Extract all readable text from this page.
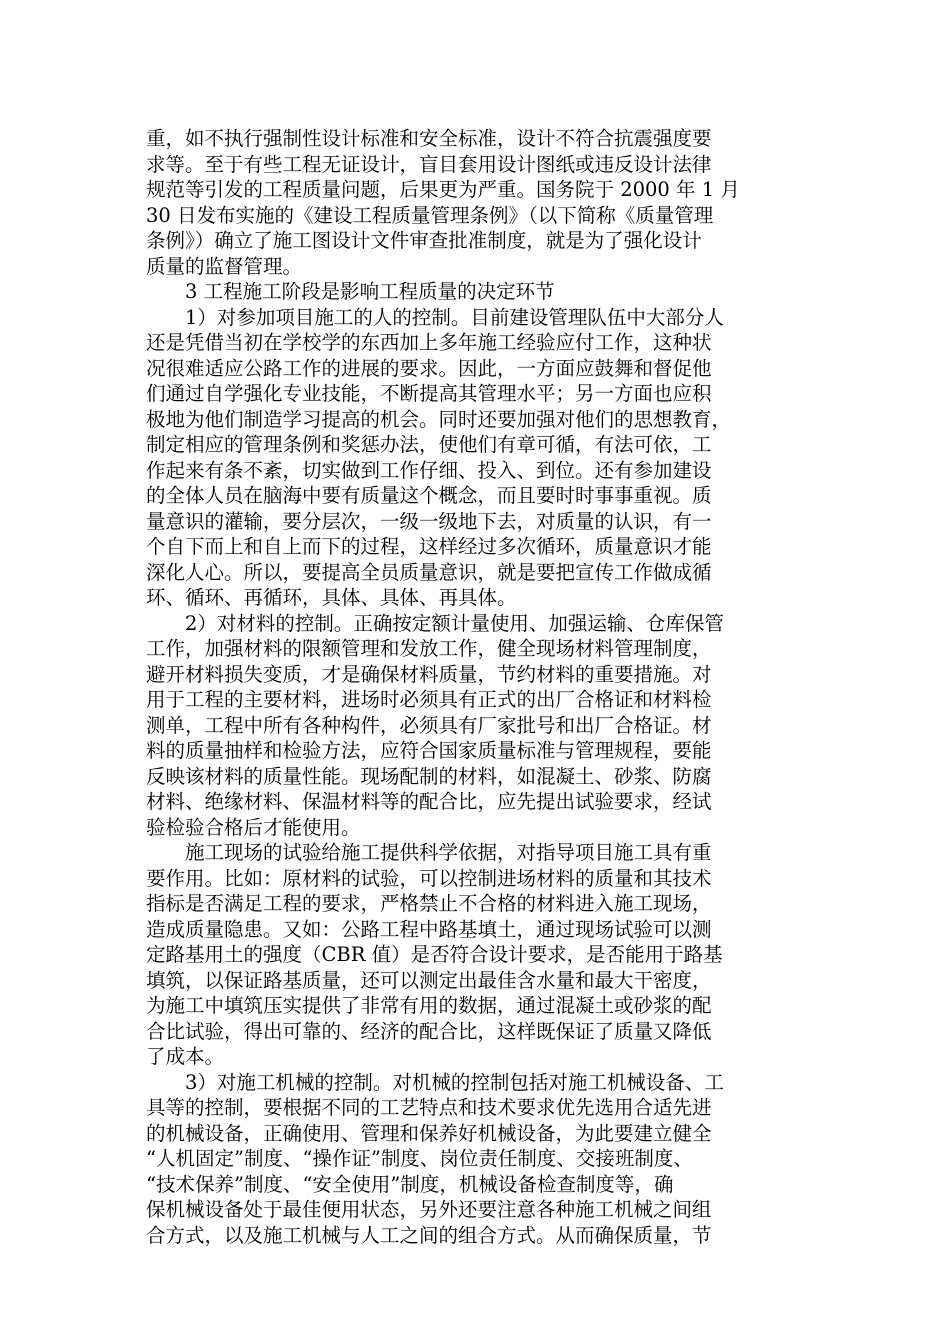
重，如不执行强制性设计标准和安全标准，设计不符合抗震强度要
求等。至于有些工程无证设计，盲目套用设计图纸或违反设计法律
规范等引发的工程质量问题，后果更为严重。国务院于 2000 年 1 月
30 日发布实施的《建设工程质量管理条例》（以下简称《质量管理
条例》）确立了施工图设计文件审查批准制度，就是为了强化设计
质量的监督管理。
　　3 工程施工阶段是影响工程质量的决定环节
　　1）对参加项目施工的人的控制。目前建设管理队伍中大部分人
还是凭借当初在学校学的东西加上多年施工经验应付工作，这种状
况很难适应公路工作的进展的要求。因此，一方面应鼓舞和督促他
们通过自学强化专业技能，不断提高其管理水平；另一方面也应积
极地为他们制造学习提高的机会。同时还要加强对他们的思想教育，
制定相应的管理条例和奖惩办法，使他们有章可循，有法可依，工
作起来有条不紊，切实做到工作仔细、投入、到位。还有参加建设
的全体人员在脑海中要有质量这个概念，而且要时时事事重视。质
量意识的灌输，要分层次，一级一级地下去，对质量的认识，有一
个自下而上和自上而下的过程，这样经过多次循环，质量意识才能
深化人心。所以，要提高全员质量意识，就是要把宣传工作做成循
环、循环、再循环，具体、具体、再具体。
　　2）对材料的控制。正确按定额计量使用、加强运输、仓库保管
工作，加强材料的限额管理和发放工作，健全现场材料管理制度，
避开材料损失变质，才是确保材料质量，节约材料的重要措施。对
用于工程的主要材料，进场时必须具有正式的出厂合格证和材料检
测单，工程中所有各种构件，必须具有厂家批号和出厂合格证。材
料的质量抽样和检验方法，应符合国家质量标准与管理规程，要能
反映该材料的质量性能。现场配制的材料，如混凝土、砂浆、防腐
材料、绝缘材料、保温材料等的配合比，应先提出试验要求，经试
验检验合格后才能使用。
　　施工现场的试验给施工提供科学依据，对指导项目施工具有重
要作用。比如：原材料的试验，可以控制进场材料的质量和其技术
指标是否满足工程的要求，严格禁止不合格的材料进入施工现场，
造成质量隐患。又如：公路工程中路基填土，通过现场试验可以测
定路基用土的强度（CBR 值）是否符合设计要求，是否能用于路基
填筑，以保证路基质量，还可以测定出最佳含水量和最大干密度，
为施工中填筑压实提供了非常有用的数据，通过混凝土或砂浆的配
合比试验，得出可靠的、经济的配合比，这样既保证了质量又降低
了成本。
　　3）对施工机械的控制。对机械的控制包括对施工机械设备、工
具等的控制，要根据不同的工艺特点和技术要求优先选用合适先进
的机械设备，正确使用、管理和保养好机械设备，为此要建立健全
“人机固定”制度、“操作证”制度、岗位责任制度、交接班制度、
“技术保养”制度、“安全使用”制度，机械设备检查制度等，确
保机械设备处于最佳便用状态，另外还要注意各种施工机械之间组
合方式，以及施工机械与人工之间的组合方式。从而确保质量，节
